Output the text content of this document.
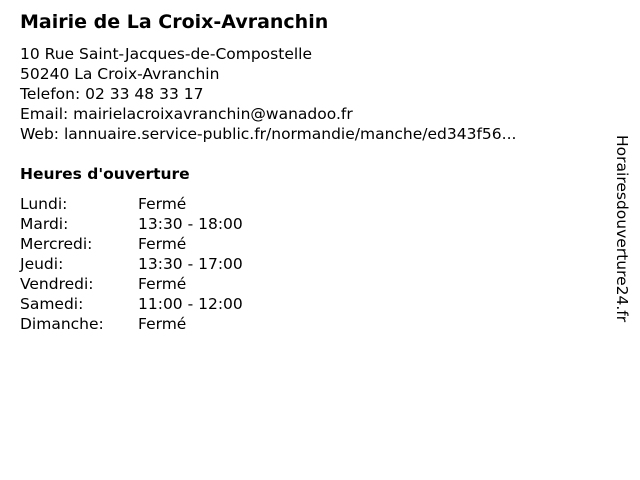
Mairie de La Croix-Avranchin
10 Rue Saint-Jacques-de-Compostelle
50240 La Croix-Avranchin
Telefon: 02 33 48 33 17
Email: mairielacroixavranchin@wanadoo.fr
Web: lannuaire.service-public.fr/normandie/manche/ed343f56...
Heures d'ouverture
Lundi:	Fermé
Mardi:	13:30 - 18:00
Mercredi:	Fermé
Jeudi:	13:30 - 17:00
Vendredi:	Fermé
Samedi:	11:00 - 12:00
Dimanche: Fermé
Horairesdouverture24.fr
